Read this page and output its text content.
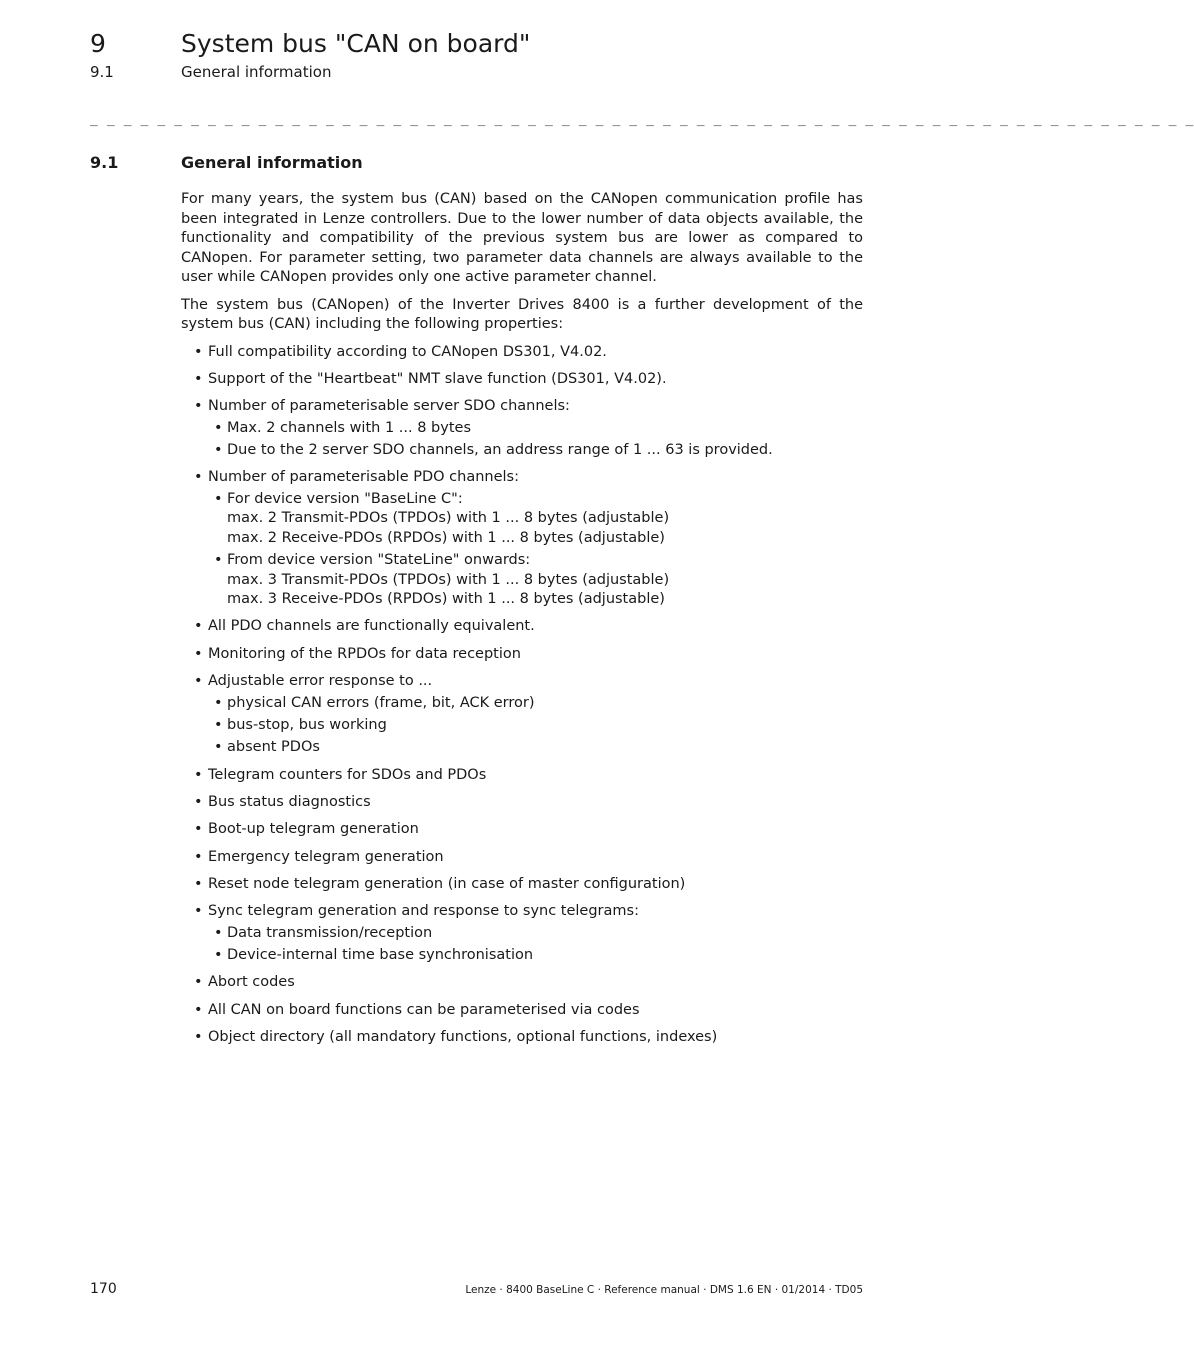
9	System bus "CAN on board"
9.1	General information
_ _ _ _ _ _ _ _ _ _ _ _ _ _ _ _ _ _ _ _ _ _ _ _ _ _ _ _ _ _ _ _ _ _ _ _ _ _ _ _ _ _ _ _ _ _ _ _ _ _ _ _ _ _ _ _ _ _ _ _ _ _ _ _ _ _
9.1	General information

For many years, the system bus (CAN) based on the CANopen communication profile has been integrated in Lenze controllers. Due to the lower number of data objects available, the functionality and compatibility of the previous system bus are lower as compared to CANopen. For parameter setting, two parameter data channels are always available to the user while CANopen provides only one active parameter channel.

The system bus (CANopen) of the Inverter Drives 8400 is a further development of the system bus (CAN) including the following properties:

• Full compatibility according to CANopen DS301, V4.02.
• Support of the "Heartbeat" NMT slave function (DS301, V4.02).
• Number of parameterisable server SDO channels:
• Max. 2 channels with 1 ... 8 bytes
• Due to the 2 server SDO channels, an address range of 1 ... 63 is provided.
• Number of parameterisable PDO channels:
• For device version "BaseLine C":
max. 2 Transmit-PDOs (TPDOs) with 1 ... 8 bytes (adjustable)
max. 2 Receive-PDOs (RPDOs) with 1 ... 8 bytes (adjustable)
• From device version "StateLine" onwards:
max. 3 Transmit-PDOs (TPDOs) with 1 ... 8 bytes (adjustable)
max. 3 Receive-PDOs (RPDOs) with 1 ... 8 bytes (adjustable)
• All PDO channels are functionally equivalent.
• Monitoring of the RPDOs for data reception
• Adjustable error response to ...
• physical CAN errors (frame, bit, ACK error)
• bus-stop, bus working
• absent PDOs
• Telegram counters for SDOs and PDOs
• Bus status diagnostics
• Boot-up telegram generation
• Emergency telegram generation
• Reset node telegram generation (in case of master configuration)
• Sync telegram generation and response to sync telegrams:
• Data transmission/reception
• Device-internal time base synchronisation
• Abort codes
• All CAN on board functions can be parameterised via codes
• Object directory (all mandatory functions, optional functions, indexes)
170	Lenze · 8400 BaseLine C · Reference manual · DMS 1.6 EN · 01/2014 · TD05
